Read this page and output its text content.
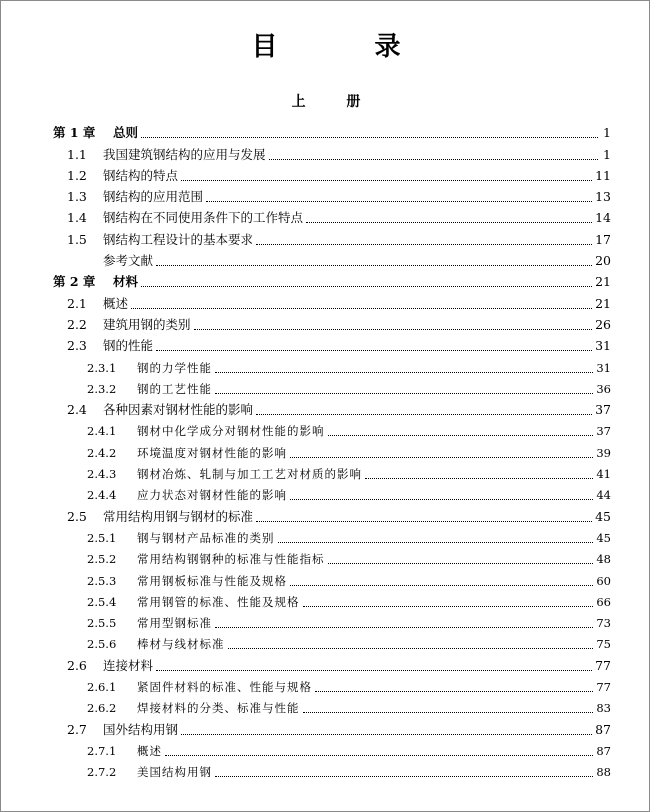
目 录
上 册
第 1 章	总则	1
1.1	我国建筑钢结构的应用与发展	1
1.2	钢结构的特点	11
1.3	钢结构的应用范围	13
1.4	钢结构在不同使用条件下的工作特点	14
1.5	钢结构工程设计的基本要求	17
参考文献	20
第 2 章	材料	21
2.1	概述	21
2.2	建筑用钢的类别	26
2.3	钢的性能	31
2.3.1	钢的力学性能	31
2.3.2	钢的工艺性能	36
2.4	各种因素对钢材性能的影响	37
2.4.1	钢材中化学成分对钢材性能的影响	37
2.4.2	环境温度对钢材性能的影响	39
2.4.3	钢材冶炼、轧制与加工工艺对材质的影响	41
2.4.4	应力状态对钢材性能的影响	44
2.5	常用结构用钢与钢材的标准	45
2.5.1	钢与钢材产品标准的类别	45
2.5.2	常用结构钢钢种的标准与性能指标	48
2.5.3	常用钢板标准与性能及规格	60
2.5.4	常用钢管的标准、性能及规格	66
2.5.5	常用型钢标准	73
2.5.6	棒材与线材标准	75
2.6	连接材料	77
2.6.1	紧固件材料的标准、性能与规格	77
2.6.2	焊接材料的分类、标准与性能	83
2.7	国外结构用钢	87
2.7.1	概述	87
2.7.2	美国结构用钢	88
